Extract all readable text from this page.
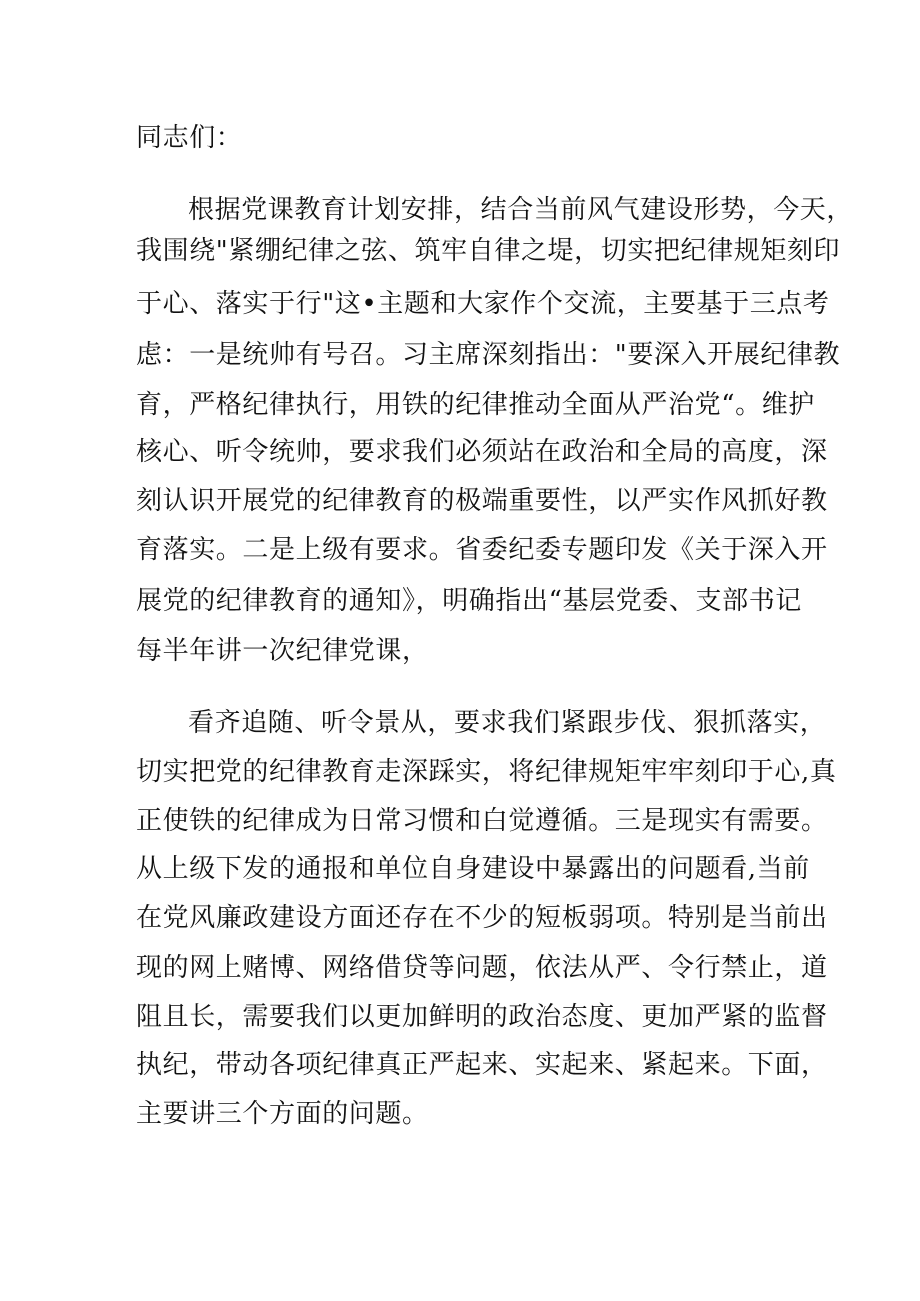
同志们：
根据党课教育计划安排，结合当前风气建设形势，今天，
我围绕"紧绷纪律之弦、筑牢自律之堤，切实把纪律规矩刻印
于心、落实于行"这•主题和大家作个交流，主要基于三点考
虑：一是统帅有号召。习主席深刻指出："要深入开展纪律教
育，严格纪律执行，用铁的纪律推动全面从严治党“。维护
核心、听令统帅，要求我们必须站在政治和全局的高度，深
刻认识开展党的纪律教育的极端重要性，以严实作风抓好教
育落实。二是上级有要求。省委纪委专题印发《关于深入开
展党的纪律教育的通知》，明确指出“基层党委、支部书记
每半年讲一次纪律党课，
看齐追随、听令景从，要求我们紧跟步伐、狠抓落实，
切实把党的纪律教育走深踩实，将纪律规矩牢牢刻印于心,真
正使铁的纪律成为日常习惯和白觉遵循。三是现实有需要。
从上级下发的通报和单位自身建设中暴露出的问题看,当前
在党风廉政建设方面还存在不少的短板弱项。特别是当前出
现的网上赌博、网络借贷等问题，依法从严、令行禁止，道
阻且长，需要我们以更加鲜明的政治态度、更加严紧的监督
执纪，带动各项纪律真正严起来、实起来、紧起来。下面，
主要讲三个方面的问题。
